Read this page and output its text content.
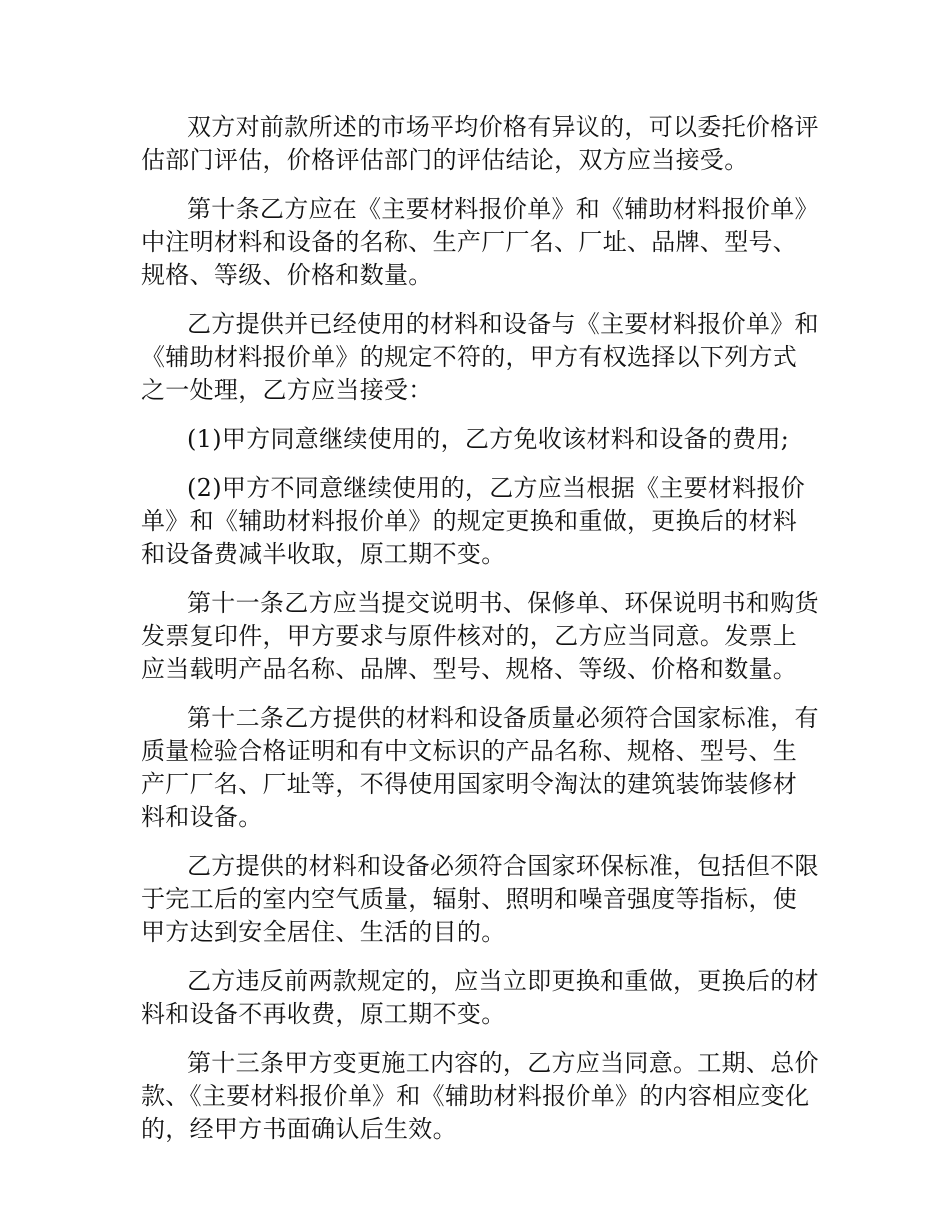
双方对前款所述的市场平均价格有异议的，可以委托价格评估部门评估，价格评估部门的评估结论，双方应当接受。

第十条乙方应在《主要材料报价单》和《辅助材料报价单》中注明材料和设备的名称、生产厂厂名、厂址、品牌、型号、规格、等级、价格和数量。

乙方提供并已经使用的材料和设备与《主要材料报价单》和《辅助材料报价单》的规定不符的，甲方有权选择以下列方式之一处理，乙方应当接受：

(1)甲方同意继续使用的，乙方免收该材料和设备的费用;

(2)甲方不同意继续使用的，乙方应当根据《主要材料报价单》和《辅助材料报价单》的规定更换和重做，更换后的材料和设备费减半收取，原工期不变。

第十一条乙方应当提交说明书、保修单、环保说明书和购货发票复印件，甲方要求与原件核对的，乙方应当同意。发票上应当载明产品名称、品牌、型号、规格、等级、价格和数量。

第十二条乙方提供的材料和设备质量必须符合国家标准，有质量检验合格证明和有中文标识的产品名称、规格、型号、生产厂厂名、厂址等，不得使用国家明令淘汰的建筑装饰装修材料和设备。

乙方提供的材料和设备必须符合国家环保标准，包括但不限于完工后的室内空气质量，辐射、照明和噪音强度等指标，使甲方达到安全居住、生活的目的。

乙方违反前两款规定的，应当立即更换和重做，更换后的材料和设备不再收费，原工期不变。

第十三条甲方变更施工内容的，乙方应当同意。工期、总价款、《主要材料报价单》和《辅助材料报价单》的内容相应变化的，经甲方书面确认后生效。
